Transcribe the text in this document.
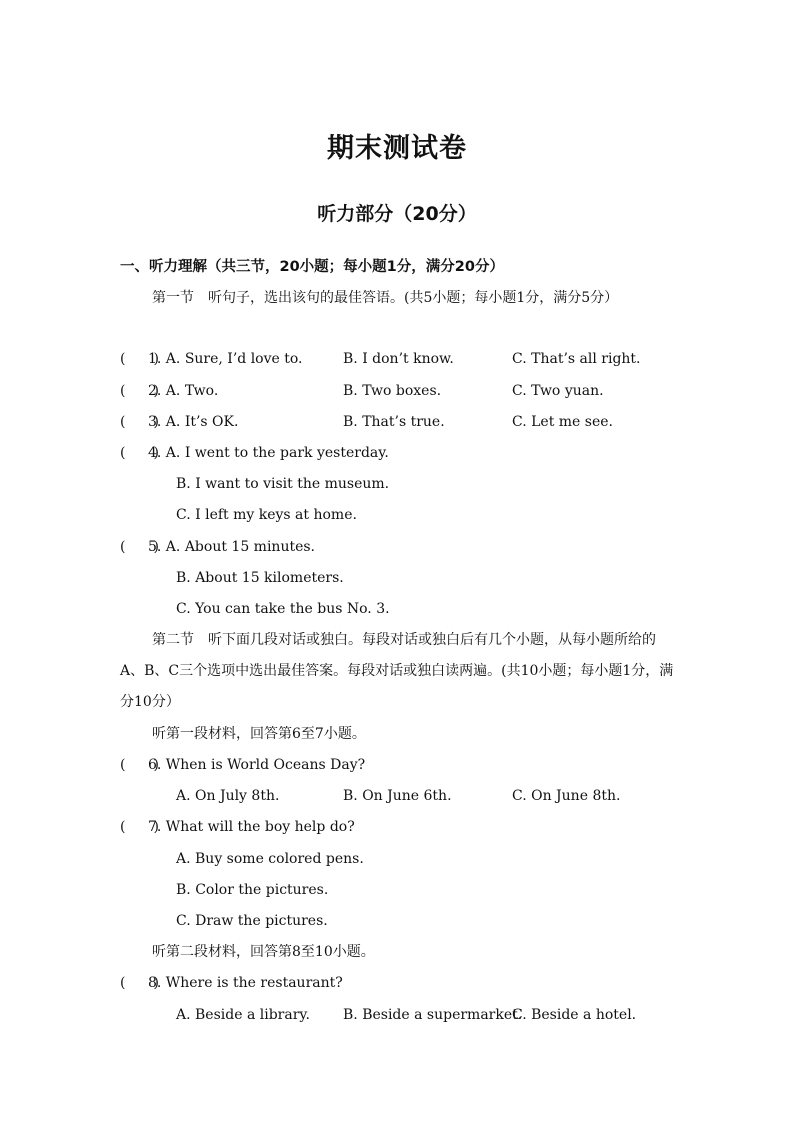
期末测试卷
听力部分（20分）
一、听力理解（共三节，20小题；每小题1分，满分20分）
第一节　听句子，选出该句的最佳答语。(共5小题；每小题1分，满分5分）
(　　)
1. A. Sure, I’d love to.	B. I don’t know.	C. That’s all right.
(　　)
2. A. Two.	B. Two boxes.	C. Two yuan.
(　　)
3. A. It’s OK.	B. That’s true.	C. Let me see.
(　　)
4. A. I went to the park yesterday.
B. I want to visit the museum.
C. I left my keys at home.
(　　)
5. A. About 15 minutes.
B. About 15 kilometers.
C. You can take the bus No. 3.
第二节　听下面几段对话或独白。每段对话或独白后有几个小题，从每小题所给的A、B、C三个选项中选出最佳答案。每段对话或独白读两遍。(共10小题；每小题1分，满分10分）
听第一段材料，回答第6至7小题。
(　　)
6. When is World Oceans Day?
A. On July 8th.	B. On June 6th.	C. On June 8th.
(　　)
7. What will the boy help do?
A. Buy some colored pens.
B. Color the pictures.
C. Draw the pictures.
听第二段材料，回答第8至10小题。
(　　)
8. Where is the restaurant?
A. Beside a library. B. Beside a supermarket.
C. Beside a hotel.
